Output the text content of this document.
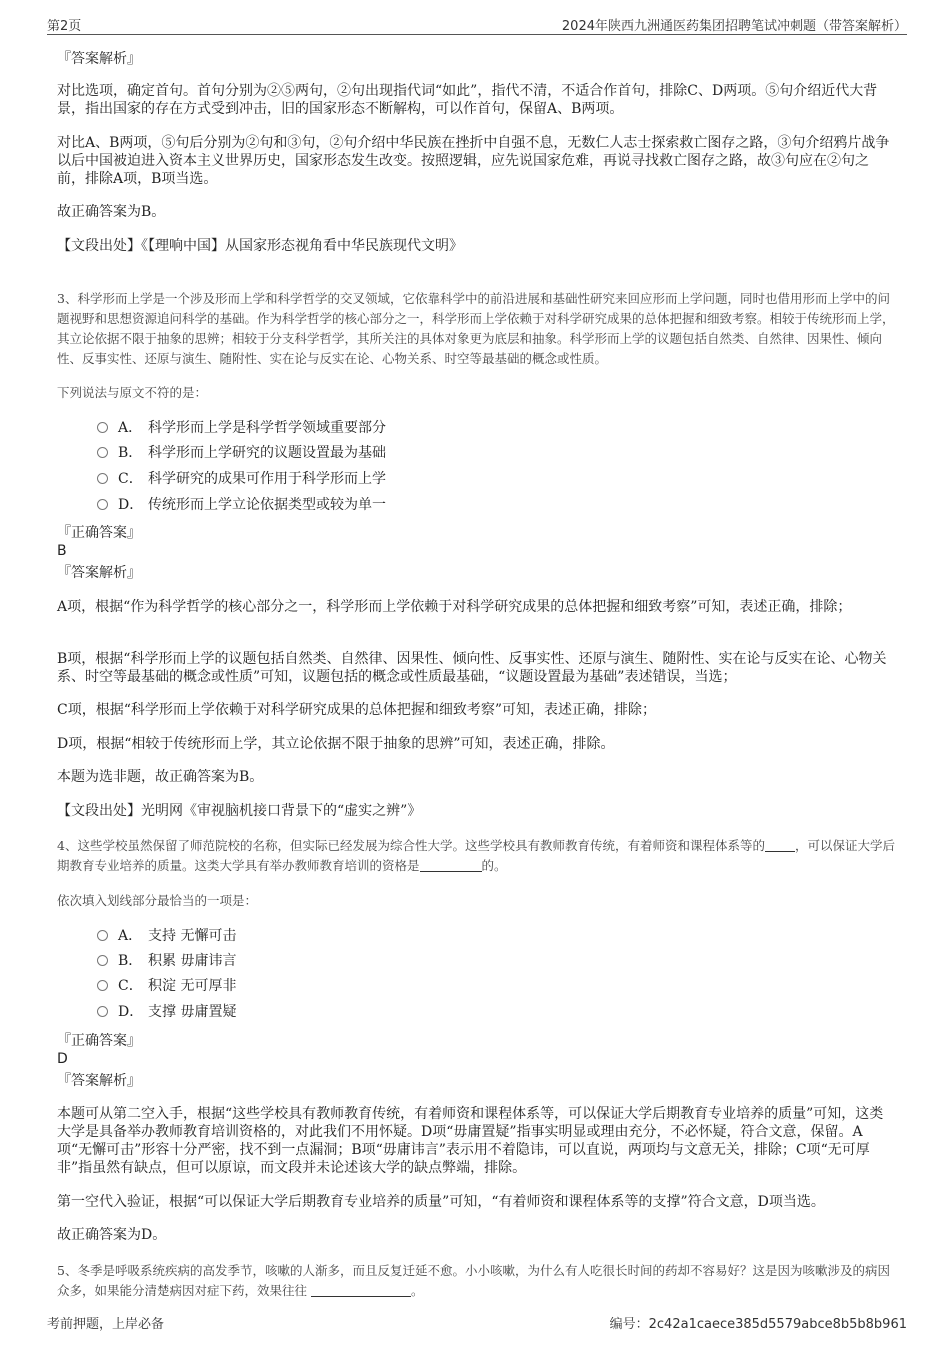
第2页	2024年陕西九洲通医药集团招聘笔试冲刺题（带答案解析）
『答案解析』
对比选项，确定首句。首句分别为②⑤两句，②句出现指代词“如此”，指代不清，不适合作首句，排除C、D两项。⑤句介绍近代大背景，指出国家的存在方式受到冲击，旧的国家形态不断解构，可以作首句，保留A、B两项。
对比A、B两项，⑤句后分别为②句和③句，②句介绍中华民族在挫折中自强不息，无数仁人志士探索救亡图存之路，③句介绍鸦片战争以后中国被迫进入资本主义世界历史，国家形态发生改变。按照逻辑，应先说国家危难，再说寻找救亡图存之路，故③句应在②句之前，排除A项，B项当选。
故正确答案为B。
【文段出处】《【理响中国】从国家形态视角看中华民族现代文明》
3、科学形而上学是一个涉及形而上学和科学哲学的交叉领域，它依靠科学中的前沿进展和基础性研究来回应形而上学问题，同时也借用形而上学中的问题视野和思想资源追问科学的基础。作为科学哲学的核心部分之一，科学形而上学依赖于对科学研究成果的总体把握和细致考察。相较于传统形而上学，其立论依据不限于抽象的思辨；相较于分支科学哲学，其所关注的具体对象更为底层和抽象。科学形而上学的议题包括自然类、自然律、因果性、倾向性、反事实性、还原与演生、随附性、实在论与反实在论、心物关系、时空等最基础的概念或性质。
下列说法与原文不符的是：
A． 科学形而上学是科学哲学领域重要部分
B． 科学形而上学研究的议题设置最为基础
C． 科学研究的成果可作用于科学形而上学
D． 传统形而上学立论依据类型或较为单一
『正确答案』
B
『答案解析』
A项，根据“作为科学哲学的核心部分之一，科学形而上学依赖于对科学研究成果的总体把握和细致考察”可知，表述正确，排除；
B项，根据“科学形而上学的议题包括自然类、自然律、因果性、倾向性、反事实性、还原与演生、随附性、实在论与反实在论、心物关系、时空等最基础的概念或性质”可知，议题包括的概念或性质最基础，“议题设置最为基础”表述错误，当选；
C项，根据“科学形而上学依赖于对科学研究成果的总体把握和细致考察”可知，表述正确，排除；
D项，根据“相较于传统形而上学，其立论依据不限于抽象的思辨”可知，表述正确，排除。
本题为选非题，故正确答案为B。
【文段出处】光明网《审视脑机接口背景下的“虚实之辨”》
4、这些学校虽然保留了师范院校的名称，但实际已经发展为综合性大学。这些学校具有教师教育传统，有着师资和课程体系等的 ，可以保证大学后期教育专业培养的质量。这类大学具有举办教师教育培训的资格是	的。
依次填入划线部分最恰当的一项是：
A． 支持 无懈可击
B． 积累 毋庸讳言
C． 积淀 无可厚非
D． 支撑 毋庸置疑
『正确答案』
D
『答案解析』
本题可从第二空入手，根据“这些学校具有教师教育传统，有着师资和课程体系等，可以保证大学后期教育专业培养的质量”可知，这类大学是具备举办教师教育培训资格的，对此我们不用怀疑。D项“毋庸置疑”指事实明显或理由充分，不必怀疑，符合文意，保留。A项“无懈可击”形容十分严密，找不到一点漏洞；B项“毋庸讳言”表示用不着隐讳，可以直说，两项均与文意无关，排除；C项“无可厚非”指虽然有缺点，但可以原谅，而文段并未论述该大学的缺点弊端，排除。
第一空代入验证，根据“可以保证大学后期教育专业培养的质量”可知，“有着师资和课程体系等的支撑”符合文意，D项当选。
故正确答案为D。
5、冬季是呼吸系统疾病的高发季节，咳嗽的人渐多，而且反复迁延不愈。小小咳嗽，为什么有人吃很长时间的药却不容易好？这是因为咳嗽涉及的病因众多，如果能分清楚病因对症下药，效果往往	。
考前押题，上岸必备	编号：2c42a1caece385d5579abce8b5b8b961
